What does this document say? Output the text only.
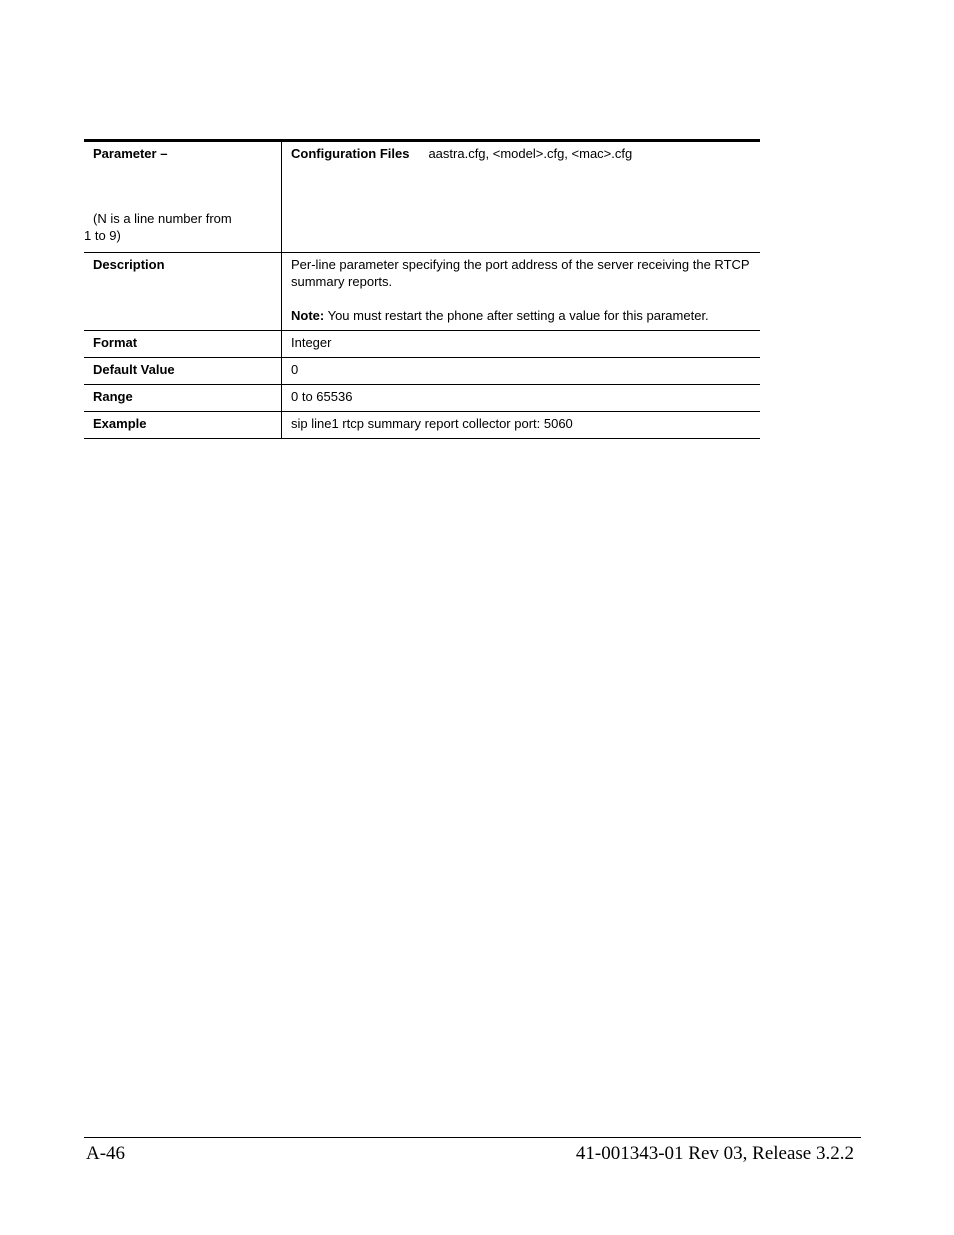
Parameter –
(N is a line number from
1 to 9)	Configuration Files aastra.cfg, <model>.cfg, <mac>.cfg
Description	Per-line parameter specifying the port address of the server receiving the RTCP summary reports.
Note: You must restart the phone after setting a value for this parameter.

Format	Integer
Default Value	0
Range	0 to 65536
Example	sip line1 rtcp summary report collector port: 5060
A-46	41-001343-01 Rev 03, Release 3.2.2
